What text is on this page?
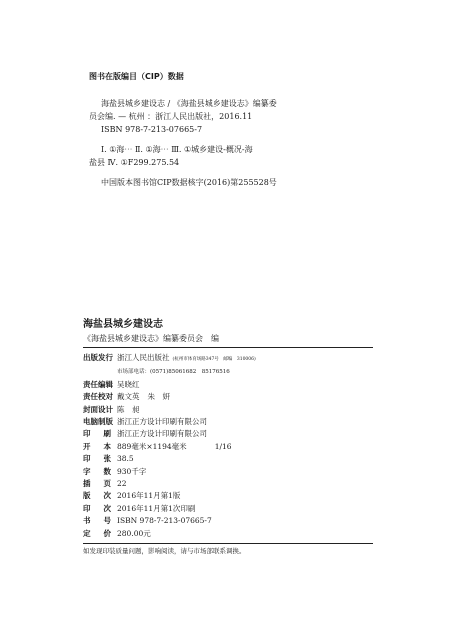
图书在版编目（CIP）数据
海盐县城乡建设志 / 《海盐县城乡建设志》编纂委
员会编. — 杭州 ：浙江人民出版社，2016.11
ISBN 978-7-213-07665-7
Ⅰ. ①海⋯ Ⅱ. ①海⋯ Ⅲ. ①城乡建设-概况-海
盐县 Ⅳ. ①F299.275.54
中国版本图书馆CIP数据核字(2016)第255528号
海盐县城乡建设志
《海盐县城乡建设志》编纂委员会　编
出版发行 浙江人民出版社 (杭州市体育场路347号　邮编　310006)
市场部电话：(0571)85061682　85176516
责任编辑 吴晓红
责任校对 戴文英 朱　妍
封面设计 陈　昶
电脑制版 浙江正方设计印刷有限公司
印 刷 浙江正方设计印刷有限公司
开 本 889毫米×1194毫米	1/16
印 张 38.5
字 数 930千字
插 页 22
版 次 2016年11月第1版
印 次 2016年11月第1次印刷
书 号 ISBN 978-7-213-07665-7
定 价 280.00元
如发现印装质量问题，影响阅读，请与市场部联系调换。
